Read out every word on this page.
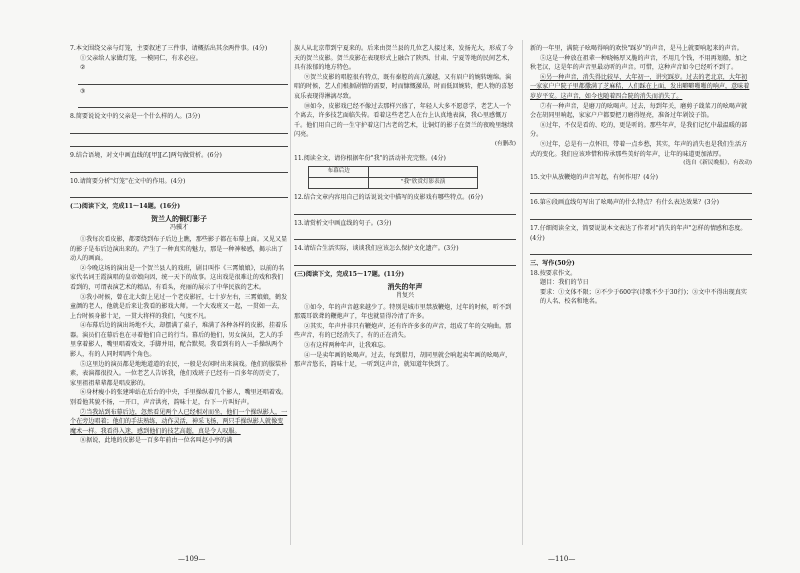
7.本文围绕父亲与灯笼，主要叙述了三件事，请概括出其余两件事。(4分)

①父亲给人家做灯笼，一模同仁，有求必应。

②

③

8.简要说说文中的父亲是一个什么样的人。(3分)

9.结合语境，对文中画直线的[甲][乙]两句做赏析。(6分)

10.请简要分析"灯笼"在文中的作用。(4分)

(二)阅读下文，完成11～14题。(16分)

贺兰人的铜灯影子

冯骥才

①我每次看皮影，都要绕到布子后边上瞧，那些影子都在布幕上面。又见又显的影子是布后边演出来的。产生了一种真实的魅力，那是一种神秘感，揭示出了动人的画面。

②今晚这场的演出是一个贺兰县人的戏班，剧目叫作《三霄娘娘》，以前的名家代名词王霞演唱的皇帝娘向因，统一天下的故事。这出戏是很难让的戏和我们看到的，可谓表演艺术的精品，有看头，亮丽的展示了中华民族的艺术。

③我小时候，曾在北大街上见过一个老皮影匠，七十岁左右，三霄娘娘，鹤发童颜的老人，他就是后来让我看的影戏大师。一个大戏班又一起，一贯如一去，上台时候身影十足，一贯大将样的我们，气度不凡。

④布幕后边的演出场地不大，却摆满了桌子，堆满了各种各样的皮影，挂着乐器。演员们在幕后也在寻着他们自己的行当。幕后的他们，男女演员，艺人的手里拿着影人，嘴里唱着戏文，手脚并用，配合默契。我看到有的人一手操纵两个影人，有的人同时唱两个角色。

⑤这里边的演员都是地地道道的农民，一般是农闲时出来演戏。他们的服装朴素，表演都很投入。一位老艺人告诉我，他们戏班子已经有一百多年的历史了，家里祖祖辈辈都是唱皮影的。

⑥身材瘦小的张建坤站在后台的中央，手里操纵着几个影人，嘴里还唱着戏。别看他其貌不扬，一开口，声音洪亮，韵味十足，台下一片叫好声。

⑦当我站到布幕后边，忽然看见两个人已经相对而坐，他们一个操纵影人，一个在旁边唱着；他们的手法熟练，动作灵活，神采飞扬，两只手操纵影人就像变魔术一样。我看得入迷，感到他们的技艺高超，真是令人叹服。

⑧据说，此地的皮影是一百多年前由一位名叫赵小亭的满

族人从北京带到宁夏来的。后来由贺兰县的几位艺人接过来，发扬光大，形成了今天的贺兰皮影。贺兰皮影在表现形式上融合了陕西、甘肃、宁夏等地的民间艺术，具有浓郁的地方特色。

⑨贺兰皮影的唱腔很有特点，既有秦腔的高亢激越，又有眉户的婉转缠绵。演唱的时候，艺人们根据剧情的需要，时而慷慨激昂，时而低回婉转，把人物的喜怒哀乐表现得淋漓尽致。

⑩如今，皮影戏已经不像过去那样兴盛了，年轻人大多不愿意学，老艺人一个个离去，许多技艺面临失传。看着这些老艺人在台上认真地表演，我心里感慨万千。他们用自己的一生守护着这门古老的艺术，让铜灯的影子在贺兰的夜晚里继续闪亮。

(有删改)

11.阅读全文，请你根据年份"我"的活动补充完整。(4分)

布幕后边	
	"我"欣赏灯影表演

12.结合文章内容用自己的话说说文中描写的皮影戏有哪些特点。(6分)

13.请赏析文中画直线的句子。(3分)

14.请结合生活实际，谈谈我们应该怎么保护文化遗产。(3分)

(三)阅读下文，完成15～17题。(11分)

消失的年声

肖复兴

①如今，年的声音越来越少了。特别是城市里禁放鞭炮，过年的时候，听不到那震耳欲聋的鞭炮声了，年也就显得冷清了许多。

②其实，年声并非只有鞭炮声，还有许许多多的声音，组成了年的交响曲。那些声音，有的已经消失了，有的正在消失。

③有这样两种年声，让我难忘。

④一是卖年画的吆喝声。过去，每到腊月，胡同里就会响起卖年画的吆喝声，那声音悠长，韵味十足，一听到这声音，就知道年快到了。

新的一年里，满院子吆喝得响的欢快"踩岁"的声音，是马上就要响起来的声音。

⑤这是一种放在祖辈一种晓畅厚又脆的声音，不用几个钱，不用再划船，加之秋老汉，这是年的声音里最动听的声音。可惜，这种声音如今已经听不到了。

⑥另一种声音，消失得比较早，大年初一，讲究踩岁。过去的老北京，大年初一家家户户院子里都撒满了芝麻秸，人们踩在上面，发出噼噼啪啪的响声，意味着岁岁平安。这声音，如今也随着四合院的消失而消失了。

⑦有一种声音，是磨刀的吆喝声。过去，每到年关，磨剪子戗菜刀的吆喝声就会在胡同里响起，家家户户都要把刀磨得锃亮，准备过年剁饺子馅。

⑧过年，不仅是看的、吃的，更是听的。那些年声，是我们记忆中最温暖的部分。

⑨过年，总是有一点怀旧，带着一点乡愁，其实，年声的消失也是我们生活方式的变化。我们应该珍惜和传承那些美好的年声，让年的味道更加浓厚。

(选自《新民晚报》，有改动)

15.文中从放鞭炮的声音写起，有何作用？(4分)

16.第⑥段画直线句写出了吆喝声的什么特点？有什么表达效果？(3分)

17.仔细阅读全文，简要说说本文表达了作者对"消失的年声"怎样的情感和态度。(4分)

三、写作(50分)

18.按要求作文。

题目：我们的节日

要求：①文体不限；②不少于600字(诗歌不少于30行)；③文中不得出现真实的人名、校名和地名。

—109—	—110—
